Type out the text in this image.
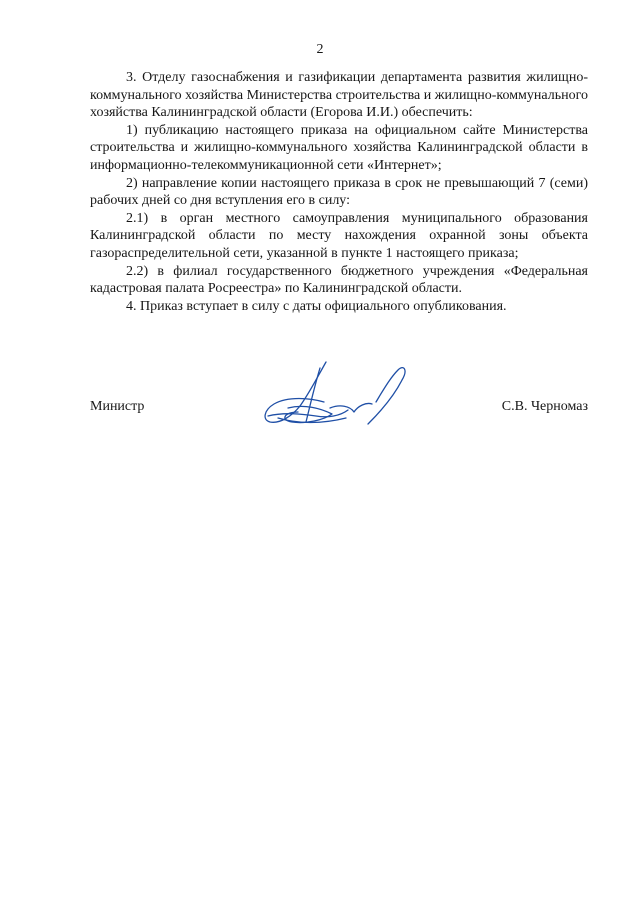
2

3. Отделу газоснабжения и газификации департамента развития жилищно-коммунального хозяйства Министерства строительства и жилищно-коммунального хозяйства Калининградской области (Егорова И.И.) обеспечить:

1) публикацию настоящего приказа на официальном сайте Министерства строительства и жилищно-коммунального хозяйства Калининградской области в информационно-телекоммуникационной сети «Интернет»;

2) направление копии настоящего приказа в срок не превышающий 7 (семи) рабочих дней со дня вступления его в силу:

2.1) в орган местного самоуправления муниципального образования Калининградской области по месту нахождения охранной зоны объекта газораспределительной сети, указанной в пункте 1 настоящего приказа;

2.2) в филиал государственного бюджетного учреждения «Федеральная кадастровая палата Росреестра» по Калининградской области.

4. Приказ вступает в силу с даты официального опубликования.

Министр	С.В. Черномаз
